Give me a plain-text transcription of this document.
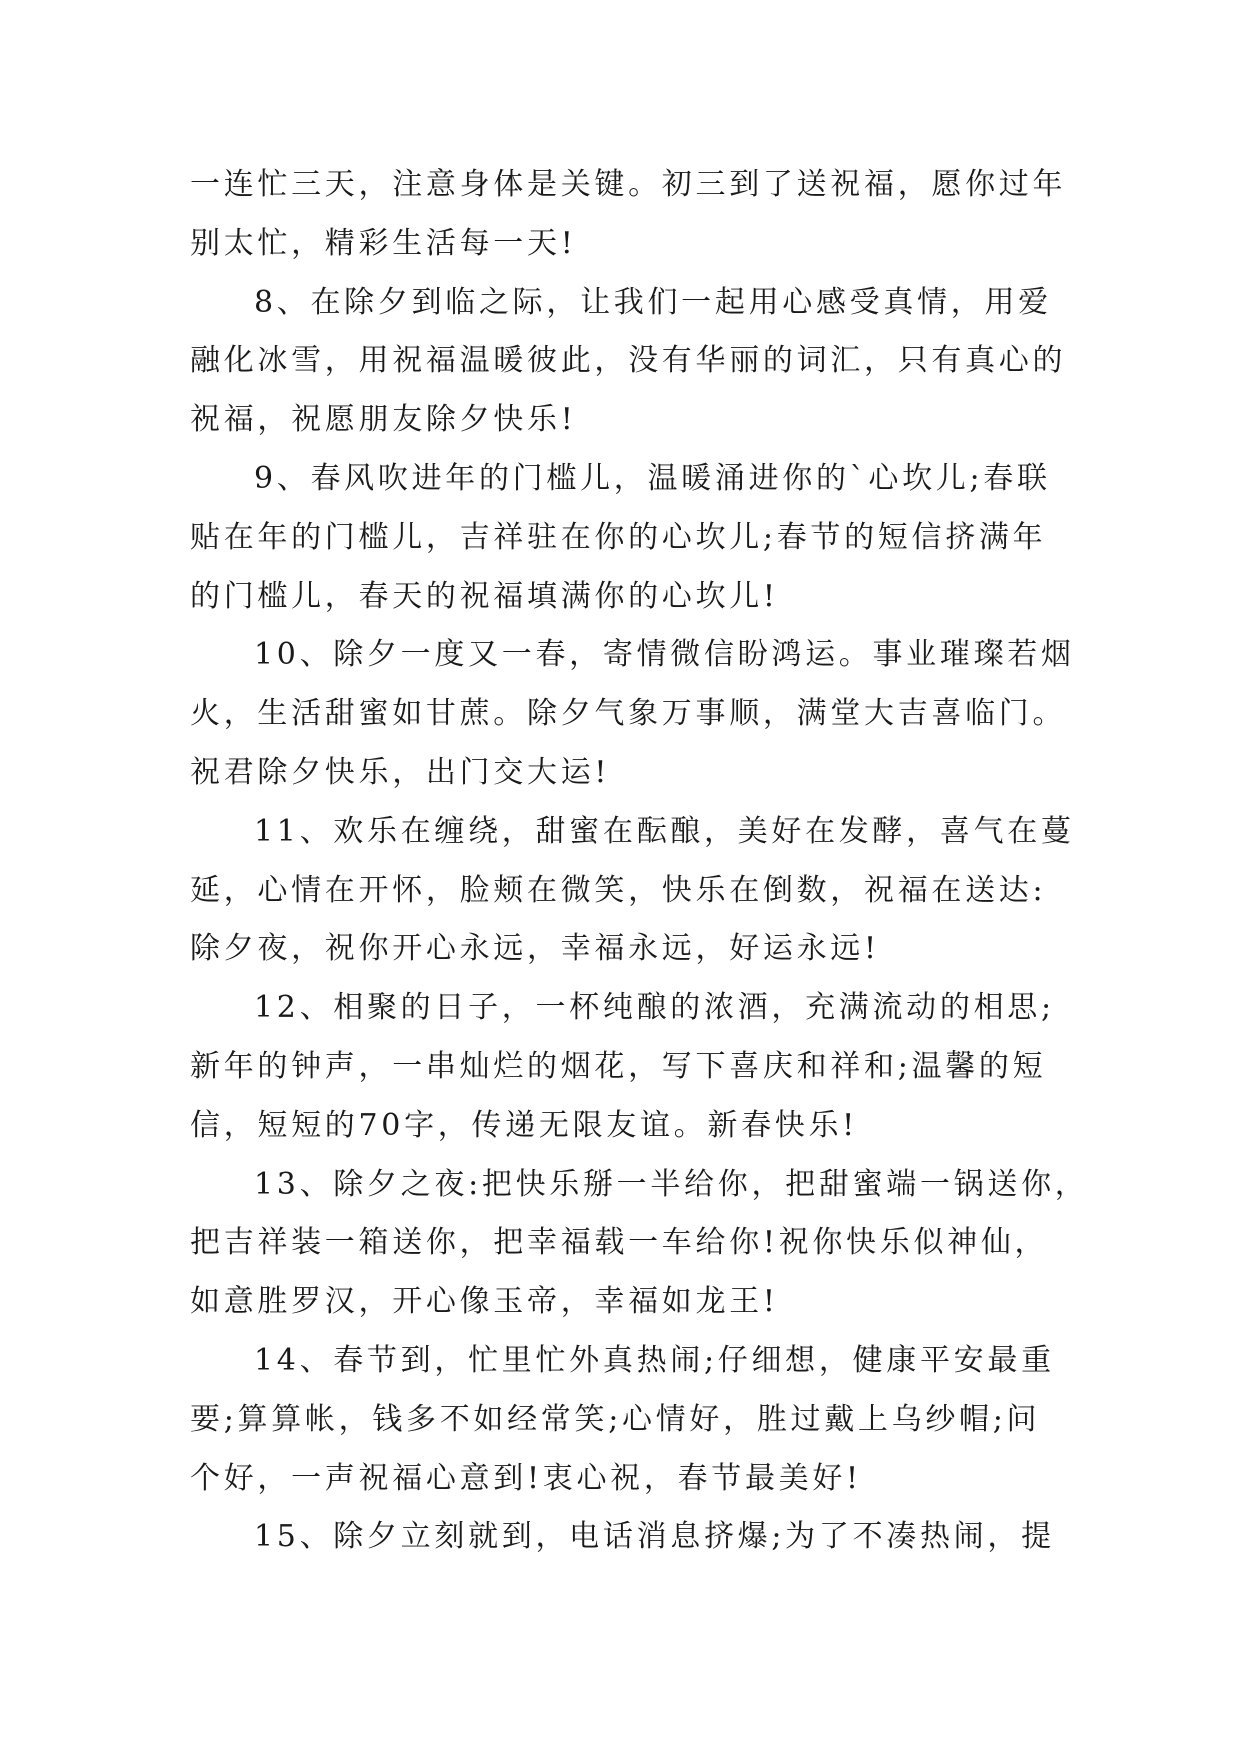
一连忙三天，注意身体是关键。初三到了送祝福，愿你过年
别太忙，精彩生活每一天!
8、在除夕到临之际，让我们一起用心感受真情，用爱
融化冰雪，用祝福温暖彼此，没有华丽的词汇，只有真心的
祝福，祝愿朋友除夕快乐!
9、春风吹进年的门槛儿，温暖涌进你的`心坎儿;春联
贴在年的门槛儿，吉祥驻在你的心坎儿;春节的短信挤满年
的门槛儿，春天的祝福填满你的心坎儿!
10、除夕一度又一春，寄情微信盼鸿运。事业璀璨若烟
火，生活甜蜜如甘蔗。除夕气象万事顺，满堂大吉喜临门。
祝君除夕快乐，出门交大运!
11、欢乐在缠绕，甜蜜在酝酿，美好在发酵，喜气在蔓
延，心情在开怀，脸颊在微笑，快乐在倒数，祝福在送达:
除夕夜，祝你开心永远，幸福永远，好运永远!
12、相聚的日子，一杯纯酿的浓酒，充满流动的相思;
新年的钟声，一串灿烂的烟花，写下喜庆和祥和;温馨的短
信，短短的70字，传递无限友谊。新春快乐!
13、除夕之夜:把快乐掰一半给你，把甜蜜端一锅送你，
把吉祥装一箱送你，把幸福载一车给你!祝你快乐似神仙，
如意胜罗汉，开心像玉帝，幸福如龙王!
14、春节到，忙里忙外真热闹;仔细想，健康平安最重
要;算算帐，钱多不如经常笑;心情好，胜过戴上乌纱帽;问
个好，一声祝福心意到!衷心祝，春节最美好!
15、除夕立刻就到，电话消息挤爆;为了不凑热闹，提
